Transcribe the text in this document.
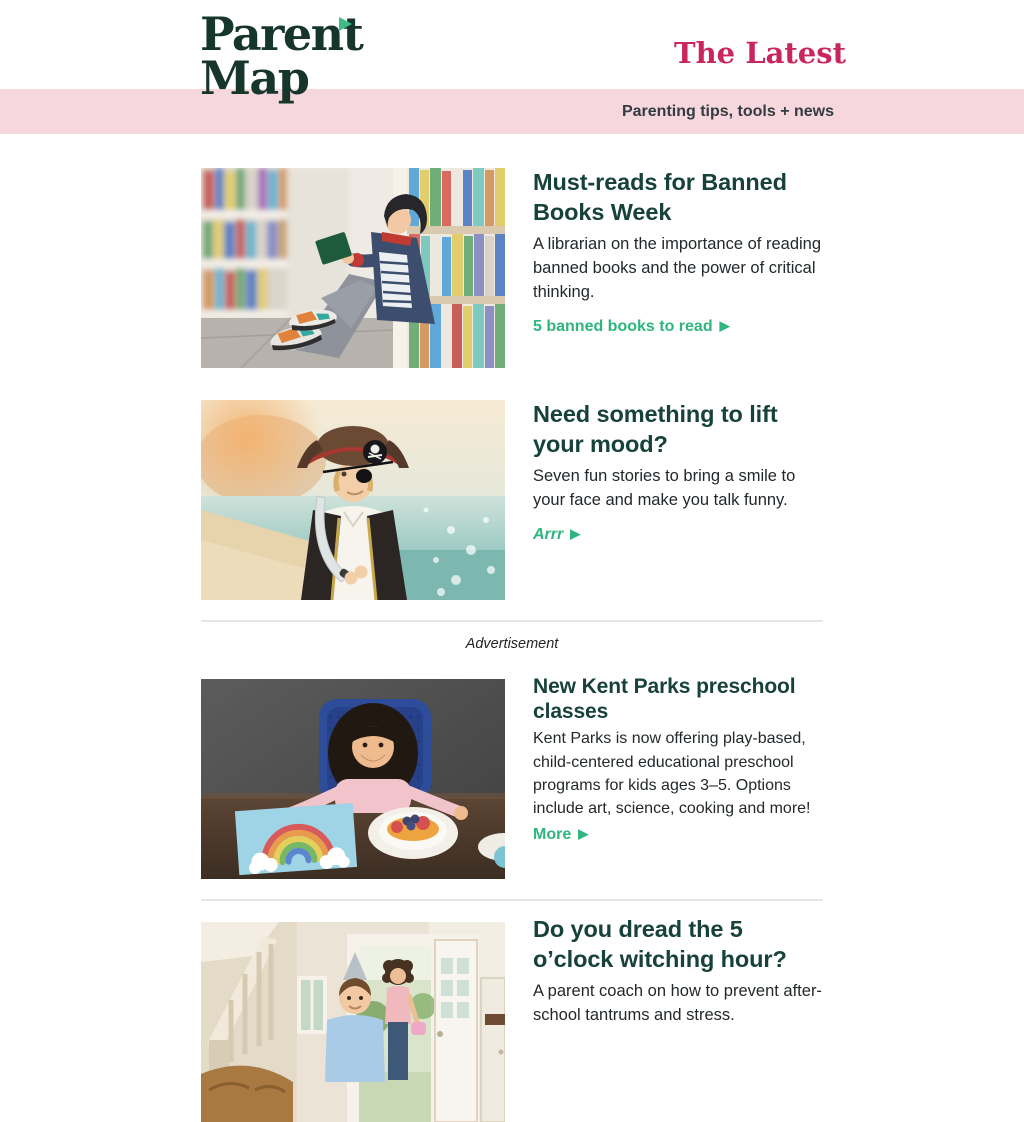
Parenting tips, tools + news
Parent
Map	The Latest
Must-reads for Banned Books Week

A librarian on the importance of reading banned books and the power of critical thinking.

5 banned books to read ▶
Need something to lift your mood?

Seven fun stories to bring a smile to your face and make you talk funny.

Arrr ▶

Advertisement

New Kent Parks preschool classes

Kent Parks is now offering play-based, child-centered educational preschool programs for kids ages 3–5. Options include art, science, cooking and more!

More ▶
Do you dread the 5 o’clock witching hour?

A parent coach on how to prevent after-school tantrums and stress.
